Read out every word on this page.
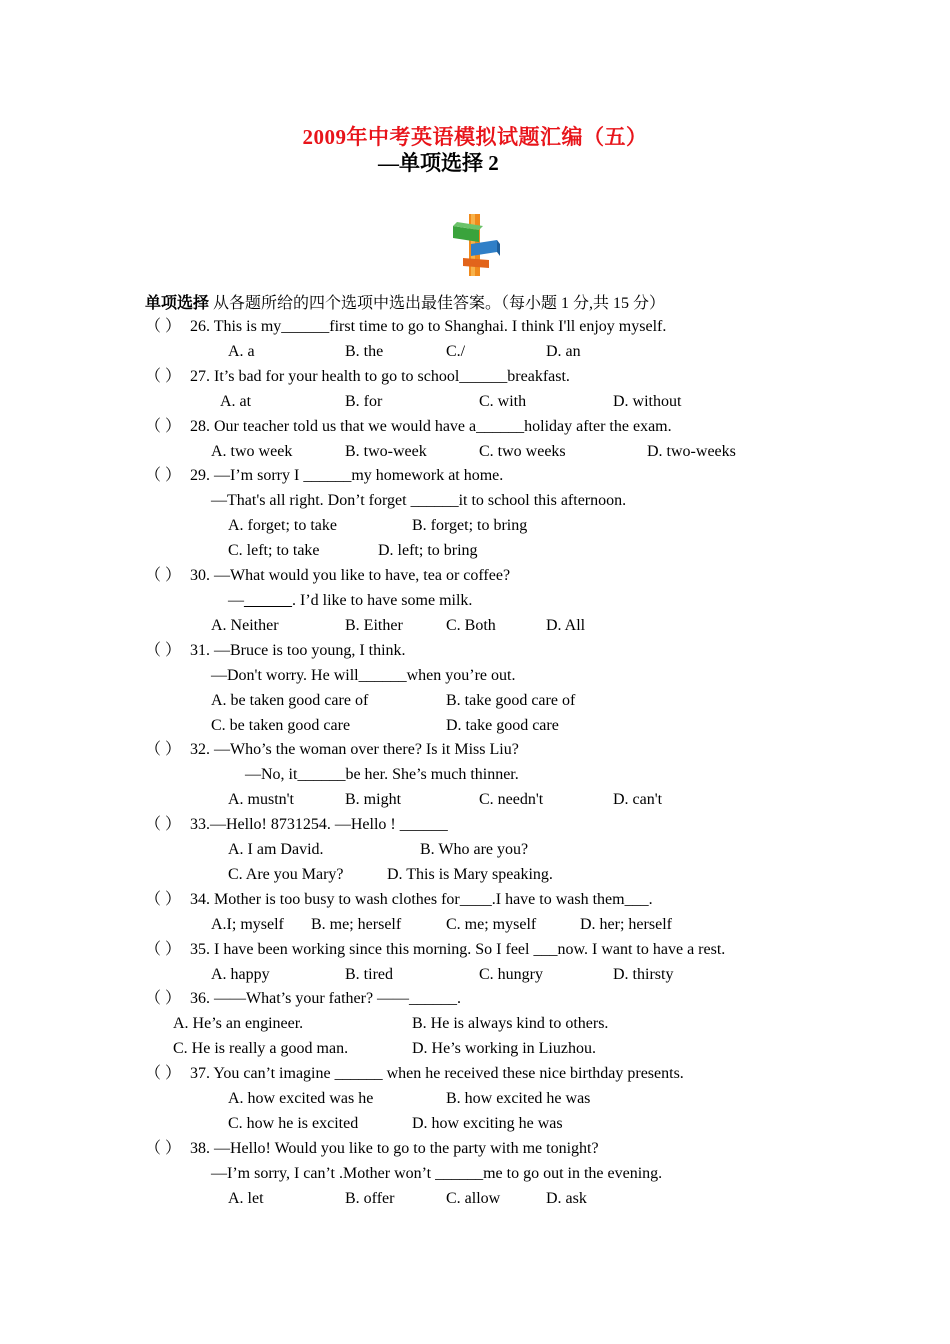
2009年中考英语模拟试题汇编（五）
—单项选择 2
单项选择 从各题所给的四个选项中选出最佳答案。（每小题 1 分,共 15 分）
（ ） 26. This is my______first time to go to Shanghai. I think I'll enjoy myself.
A. a	B. the	C./	D. an
（ ） 27. It’s bad for your health to go to school______breakfast.
A. at	B. for	C. with	D. without
（ ） 28. Our teacher told us that we would have a______holiday after the exam.
A. two week	B. two-week	C. two weeks	D. two-weeks
（ ） 29. —I’m sorry I ______my homework at home.
—That's all right. Don’t forget ______it to school this afternoon.
A. forget; to take	B. forget; to bring
C. left; to take	D. left; to bring
（ ） 30. —What would you like to have, tea or coffee?
—______. I’d like to have some milk.
A. Neither	B. Either	C. Both	D. All
（ ） 31. —Bruce is too young, I think.
—Don't worry. He will______when you’re out.
A. be taken good care of	B. take good care of
C. be taken good care	D. take good care
（ ） 32. —Who’s the woman over there? Is it Miss Liu?
—No, it______be her. She’s much thinner.
A. mustn't	B. might	C. needn't	D. can't
（ ） 33.—Hello! 8731254. —Hello ! ______
A. I am David.	B. Who are you?
C. Are you Mary?	D. This is Mary speaking.
（ ） 34. Mother is too busy to wash clothes for____.I have to wash them___.
A.I; myself B. me; herself	C. me; myself	D. her; herself
（ ） 35. I have been working since this morning. So I feel ___now. I want to have a rest.
A. happy	B. tired	C. hungry	D. thirsty
（ ） 36. ——What’s your father? ——______.
A. He’s an engineer.	B. He is always kind to others.
C. He is really a good man.	D. He’s working in Liuzhou.
（ ） 37. You can’t imagine ______ when he received these nice birthday presents.
A. how excited was he	B. how excited he was
C. how he is excited	D. how exciting he was
（ ） 38. —Hello! Would you like to go to the party with me tonight?
—I’m sorry, I can’t .Mother won’t ______me to go out in the evening.
A. let	B. offer	C. allow	D. ask
